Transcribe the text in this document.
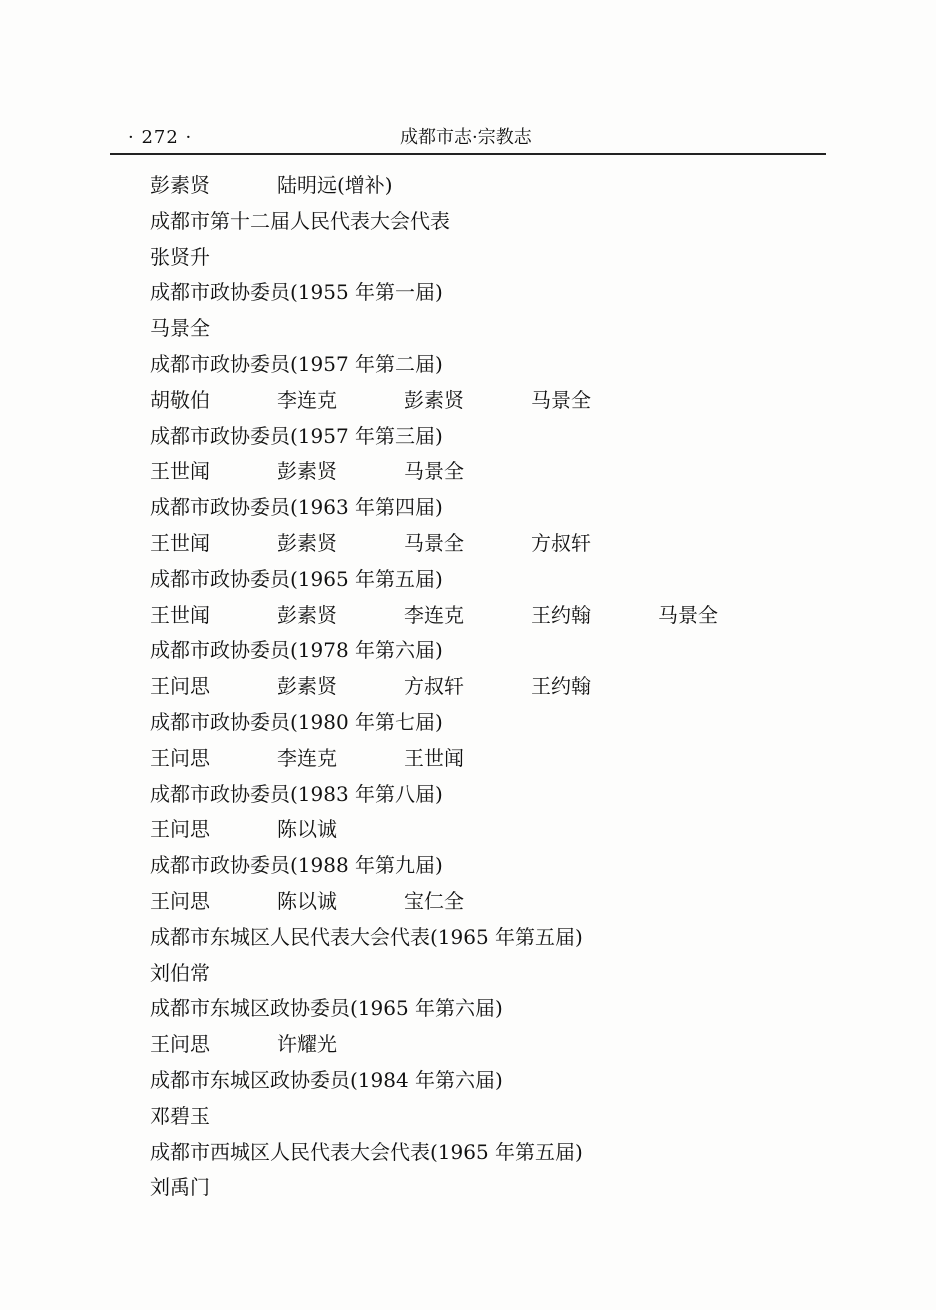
· 272 ·	成都市志·宗教志
彭素贤	陆明远(增补)
成都市第十二届人民代表大会代表
张贤升
成都市政协委员(1955 年第一届)
马景全
成都市政协委员(1957 年第二届)
胡敬伯	李连克	彭素贤	马景全
成都市政协委员(1957 年第三届)
王世闻	彭素贤	马景全
成都市政协委员(1963 年第四届)
王世闻	彭素贤	马景全	方叔轩
成都市政协委员(1965 年第五届)
王世闻	彭素贤	李连克	王约翰	马景全
成都市政协委员(1978 年第六届)
王问思	彭素贤	方叔轩	王约翰
成都市政协委员(1980 年第七届)
王问思	李连克	王世闻
成都市政协委员(1983 年第八届)
王问思	陈以诚
成都市政协委员(1988 年第九届)
王问思	陈以诚	宝仁全
成都市东城区人民代表大会代表(1965 年第五届)
刘伯常
成都市东城区政协委员(1965 年第六届)
王问思	许耀光
成都市东城区政协委员(1984 年第六届)
邓碧玉
成都市西城区人民代表大会代表(1965 年第五届)
刘禹门
